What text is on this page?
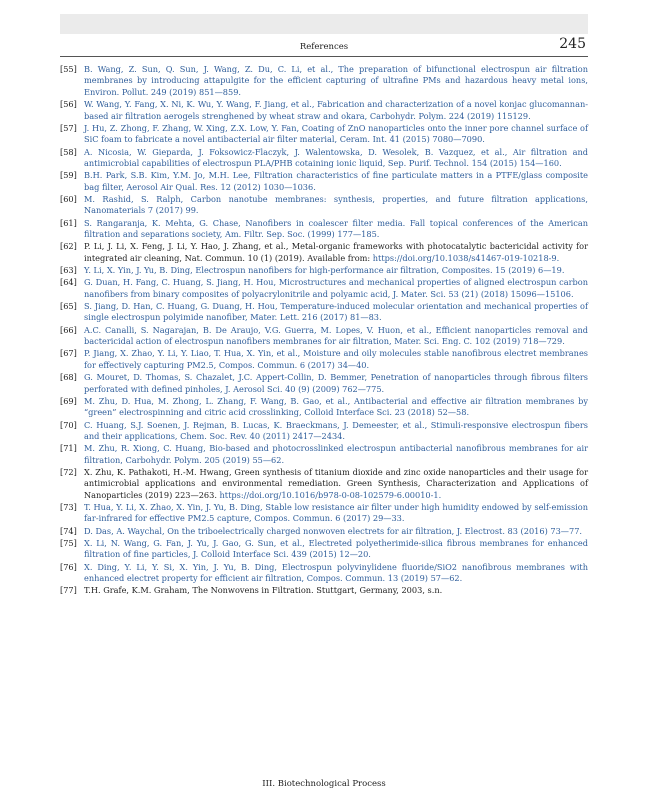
References	245
[55] B. Wang, Z. Sun, Q. Sun, J. Wang, Z. Du, C. Li, et al., The preparation of bifunctional electrospun air filtration membranes by introducing attapulgite for the efficient capturing of ultrafine PMs and hazardous heavy metal ions, Environ. Pollut. 249 (2019) 851—859.
[56] W. Wang, Y. Fang, X. Ni, K. Wu, Y. Wang, F. Jiang, et al., Fabrication and characterization of a novel konjac glucomannan-based air filtration aerogels strenghened by wheat straw and okara, Carbohydr. Polym. 224 (2019) 115129.
[57] J. Hu, Z. Zhong, F. Zhang, W. Xing, Z.X. Low, Y. Fan, Coating of ZnO nanoparticles onto the inner pore channel surface of SiC foam to fabricate a novel antibacterial air filter material, Ceram. Int. 41 (2015) 7080—7090.
[58] A. Nicosia, W. Gieparda, J. Foksowicz-Flaczyk, J. Walentowska, D. Wesolek, B. Vazquez, et al., Air filtration and antimicrobial capabilities of electrospun PLA/PHB cotaining ionic liquid, Sep. Purif. Technol. 154 (2015) 154—160.
[59] B.H. Park, S.B. Kim, Y.M. Jo, M.H. Lee, Filtration characteristics of fine particulate matters in a PTFE/glass composite bag filter, Aerosol Air Qual. Res. 12 (2012) 1030—1036.
[60] M. Rashid, S. Ralph, Carbon nanotube membranes: synthesis, properties, and future filtration applications, Nanomaterials 7 (2017) 99.
[61] S. Rangaranja, K. Mehta, G. Chase, Nanofibers in coalescer filter media. Fall topical conferences of the American filtration and separations society, Am. Filtr. Sep. Soc. (1999) 177—185.
[62] P. Li, J. Li, X. Feng, J. Li, Y. Hao, J. Zhang, et al., Metal-organic frameworks with photocatalytic bactericidal activity for integrated air cleaning, Nat. Commun. 10 (1) (2019). Available from: https://doi.org/10.1038/s41467-019-10218-9.
[63] Y. Li, X. Yin, J. Yu, B. Ding, Electrospun nanofibers for high-performance air filtration, Composites. 15 (2019) 6—19.
[64] G. Duan, H. Fang, C. Huang, S. Jiang, H. Hou, Microstructures and mechanical properties of aligned electrospun carbon nanofibers from binary composites of polyacrylonitrile and polyamic acid, J. Mater. Sci. 53 (21) (2018) 15096—15106.
[65] S. Jiang, D. Han, C. Huang, G. Duang, H. Hou, Temperature-induced molecular orientation and mechanical properties of single electrospun polyimide nanofiber, Mater. Lett. 216 (2017) 81—83.
[66] A.C. Canalli, S. Nagarajan, B. De Araujo, V.G. Guerra, M. Lopes, V. Huon, et al., Efficient nanoparticles removal and bactericidal action of electrospun nanofibers membranes for air filtration, Mater. Sci. Eng. C. 102 (2019) 718—729.
[67] P. Jiang, X. Zhao, Y. Li, Y. Liao, T. Hua, X. Yin, et al., Moisture and oily molecules stable nanofibrous electret membranes for effectively capturing PM2.5, Compos. Commun. 6 (2017) 34—40.
[68] G. Mouret, D. Thomas, S. Chazalet, J.C. Appert-Collin, D. Bemmer, Penetration of nanoparticles through fibrous filters perforated with defined pinholes, J. Aerosol Sci. 40 (9) (2009) 762—775.
[69] M. Zhu, D. Hua, M. Zhong, L. Zhang, F. Wang, B. Gao, et al., Antibacterial and effective air filtration membranes by “green” electrospinning and citric acid crosslinking, Colloid Interface Sci. 23 (2018) 52—58.
[70] C. Huang, S.J. Soenen, J. Rejman, B. Lucas, K. Braeckmans, J. Demeester, et al., Stimuli-responsive electrospun fibers and their applications, Chem. Soc. Rev. 40 (2011) 2417—2434.
[71] M. Zhu, R. Xiong, C. Huang, Bio-based and photocrosslinked electrospun antibacterial nanofibrous membranes for air filtration, Carbohydr. Polym. 205 (2019) 55—62.
[72] X. Zhu, K. Pathakoti, H.-M. Hwang, Green synthesis of titanium dioxide and zinc oxide nanoparticles and their usage for antimicrobial applications and environmental remediation. Green Synthesis, Characterization and Applications of Nanoparticles (2019) 223—263. https://doi.org/10.1016/b978-0-08-102579-6.00010-1.
[73] T. Hua, Y. Li, X. Zhao, X. Yin, J. Yu, B. Ding, Stable low resistance air filter under high humidity endowed by self-emission far-infrared for effective PM2.5 capture, Compos. Commun. 6 (2017) 29—33.
[74] D. Das, A. Waychal, On the triboelectrically charged nonwoven electrets for air filtration, J. Electrost. 83 (2016) 73—77.
[75] X. Li, N. Wang, G. Fan, J. Yu, J. Gao, G. Sun, et al., Electreted polyetherimide-silica fibrous membranes for enhanced filtration of fine particles, J. Colloid Interface Sci. 439 (2015) 12—20.
[76] X. Ding, Y. Li, Y. Si, X. Yin, J. Yu, B. Ding, Electrospun polyvinylidene fluoride/SiO2 nanofibrous membranes with enhanced electret property for efficient air filtration, Compos. Commun. 13 (2019) 57—62.
[77] T.H. Grafe, K.M. Graham, The Nonwovens in Filtration. Stuttgart, Germany, 2003, s.n.
III. Biotechnological Process
